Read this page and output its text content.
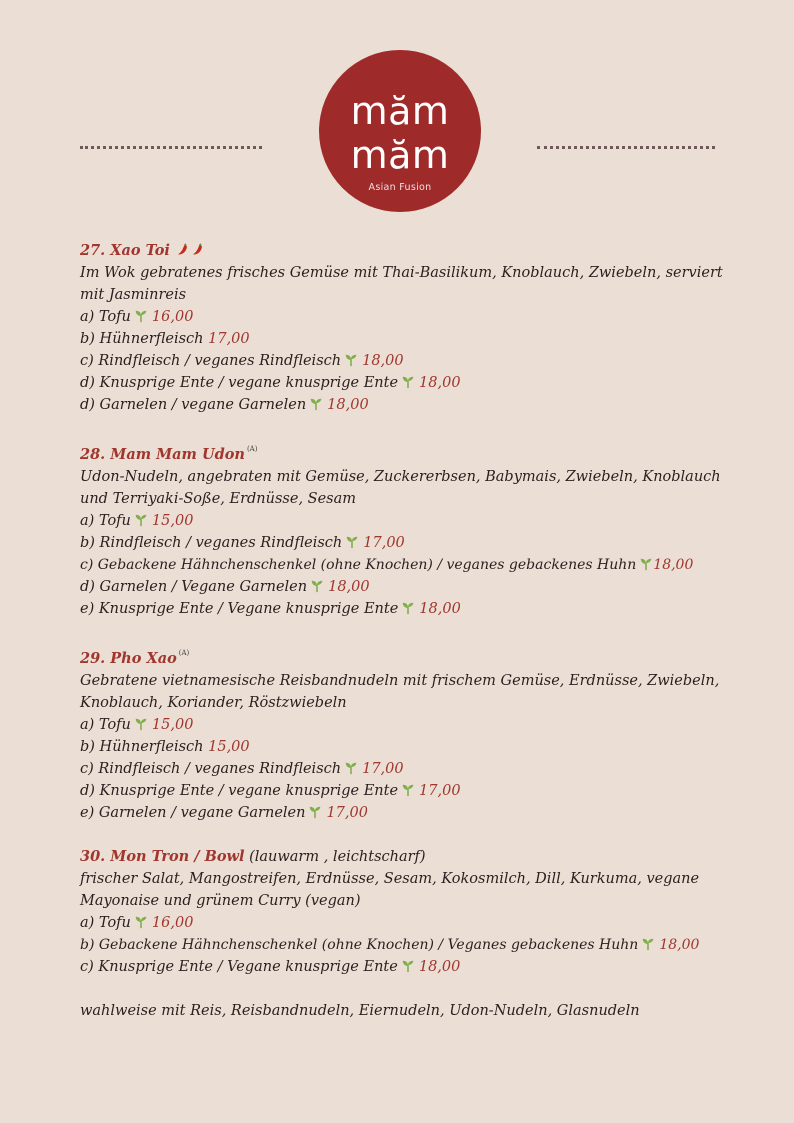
măm
măm
Asian Fusion
27. Xao Toi
Im Wok gebratenes frisches Gemüse mit Thai-Basilikum, Knoblauch, Zwiebeln, serviert mit Jasminreis
a) Tofu 16,00
b) Hühnerfleisch 17,00
c) Rindfleisch / veganes Rindfleisch 18,00
d) Knusprige Ente / vegane knusprige Ente 18,00
d) Garnelen / vegane Garnelen 18,00
28. Mam Mam Udon $^{(A)}$
Udon-Nudeln, angebraten mit Gemüse, Zuckererbsen, Babymais, Zwiebeln, Knoblauch und Terriyaki-Soße, Erdnüsse, Sesam
a) Tofu 15,00
b) Rindfleisch / veganes Rindfleisch 17,00
c) Gebackene Hähnchenschenkel (ohne Knochen) / veganes gebackenes Huhn 18,00
d) Garnelen / Vegane Garnelen 18,00
e) Knusprige Ente / Vegane knusprige Ente 18,00
29. Pho Xao $^{(A)}$
Gebratene vietnamesische Reisbandnudeln mit frischem Gemüse, Erdnüsse, Zwiebeln, Knoblauch, Koriander, Röstzwiebeln
a) Tofu 15,00
b) Hühnerfleisch 15,00
c) Rindfleisch / veganes Rindfleisch 17,00
d) Knusprige Ente / vegane knusprige Ente 17,00
e) Garnelen / vegane Garnelen 17,00
30. Mon Tron / Bowl (lauwarm , leichtscharf)
frischer Salat, Mangostreifen, Erdnüsse, Sesam, Kokosmilch, Dill, Kurkuma, vegane Mayonaise und grünem Curry (vegan)
a) Tofu 16,00
b) Gebackene Hähnchenschenkel (ohne Knochen) / Veganes gebackenes Huhn 18,00
c) Knusprige Ente / Vegane knusprige Ente 18,00
wahlweise mit Reis, Reisbandnudeln, Eiernudeln, Udon-Nudeln, Glasnudeln
